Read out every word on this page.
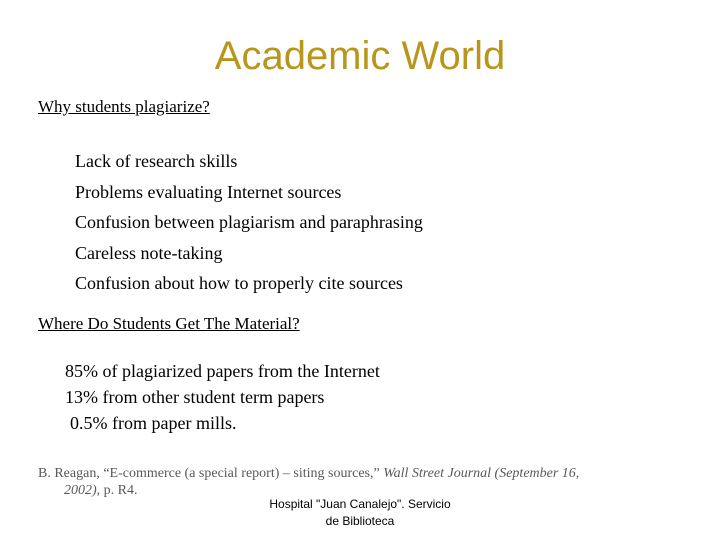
Academic World
Why students plagiarize?
Lack of research skills
Problems evaluating Internet sources
Confusion between plagiarism and paraphrasing
Careless note-taking
Confusion about how to properly cite sources
Where Do Students Get The Material?
85% of plagiarized papers from the Internet
13% from other student term papers
0.5% from paper mills.
B. Reagan, “E-commerce (a special report) – siting sources,” Wall Street Journal (September 16,
2002), p. R4.
Hospital "Juan Canalejo". Servicio
de Biblioteca
